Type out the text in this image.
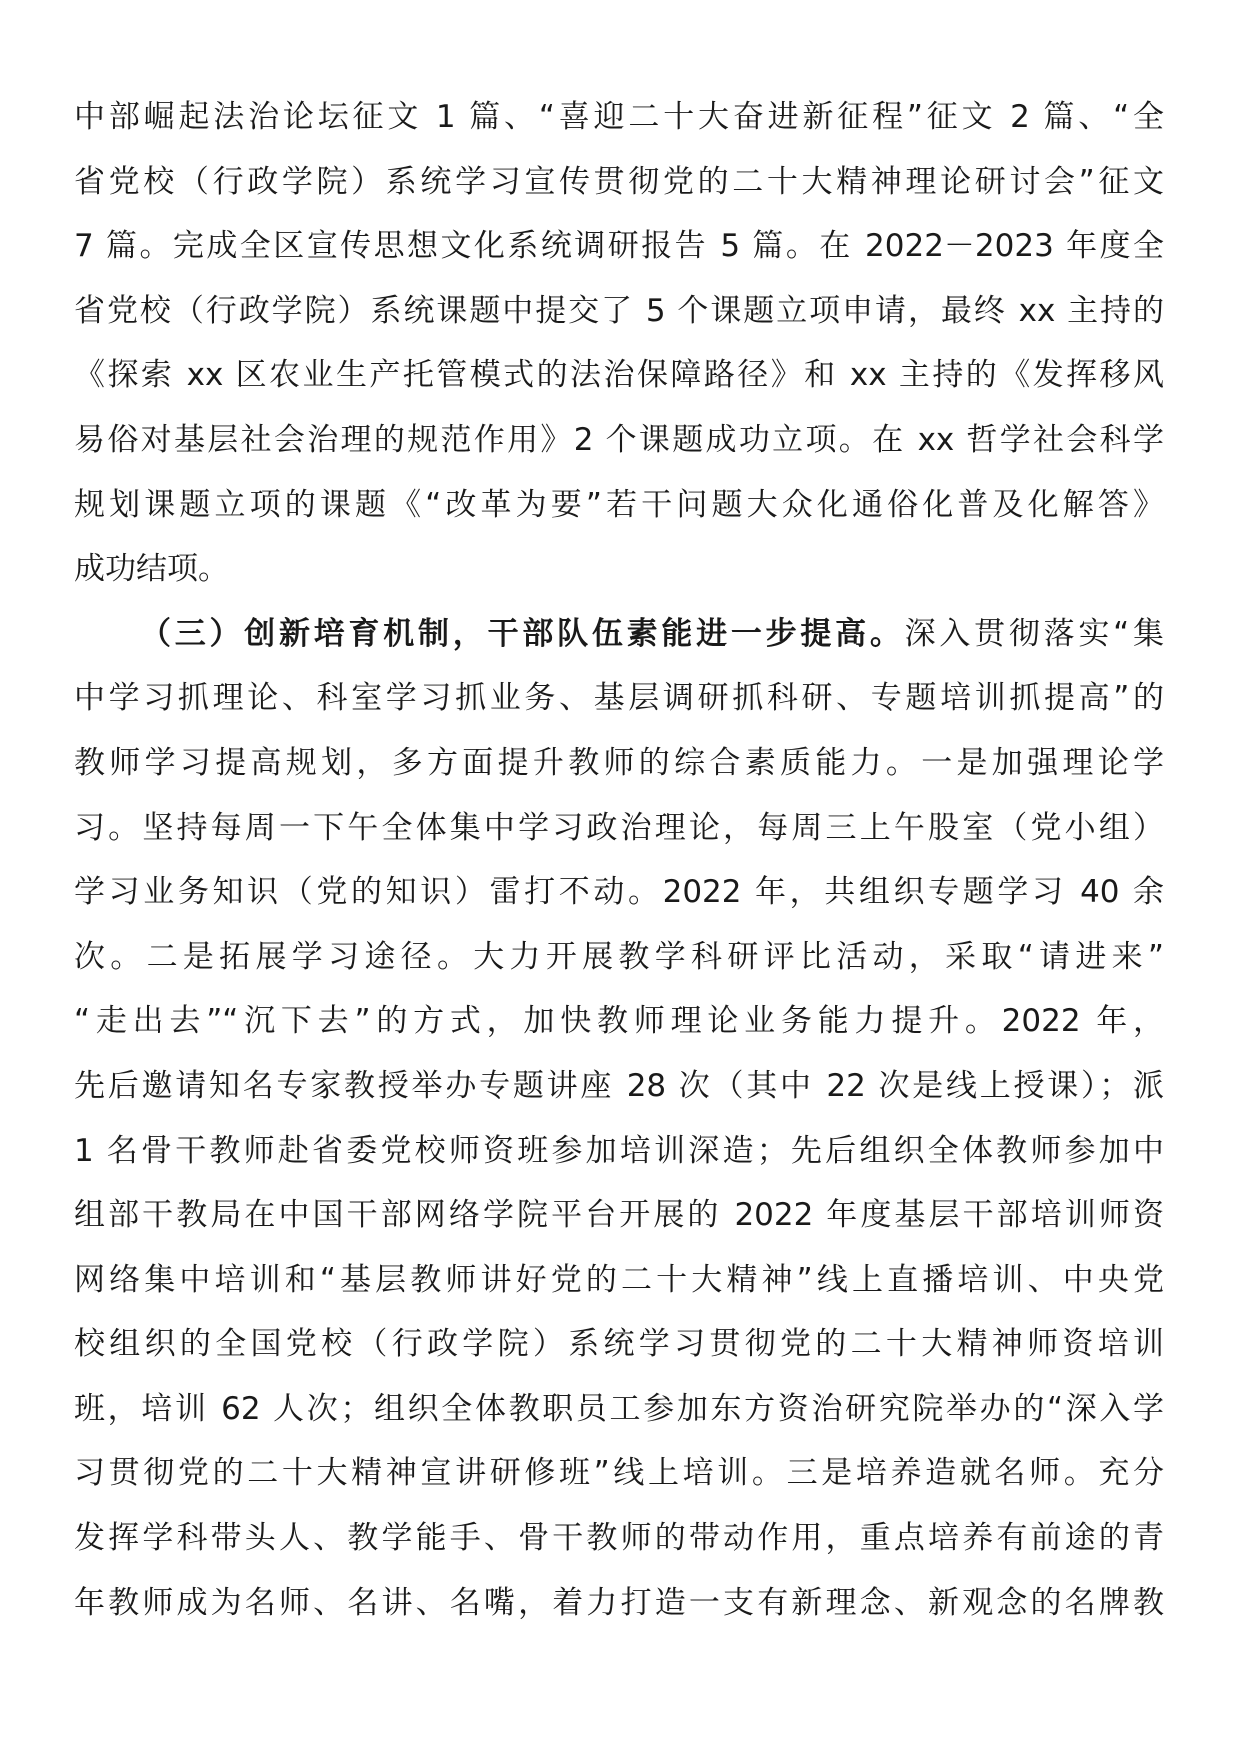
中部崛起法治论坛征文 1 篇、“喜迎二十大奋进新征程”征文 2 篇、“全
省党校（行政学院）系统学习宣传贯彻党的二十大精神理论研讨会”征文
7 篇。完成全区宣传思想文化系统调研报告 5 篇。在 2022－2023 年度全
省党校（行政学院）系统课题中提交了 5 个课题立项申请，最终 xx 主持的
《探索 xx 区农业生产托管模式的法治保障路径》和 xx 主持的《发挥移风
易俗对基层社会治理的规范作用》2 个课题成功立项。在 xx 哲学社会科学
规划课题立项的课题《“改革为要”若干问题大众化通俗化普及化解答》
成功结项。
（三）创新培育机制，干部队伍素能进一步提高。深入贯彻落实“集
中学习抓理论、科室学习抓业务、基层调研抓科研、专题培训抓提高”的
教师学习提高规划，多方面提升教师的综合素质能力。一是加强理论学
习。坚持每周一下午全体集中学习政治理论，每周三上午股室（党小组）
学习业务知识（党的知识）雷打不动。2022 年，共组织专题学习 40 余
次。二是拓展学习途径。大力开展教学科研评比活动，采取“请进来”
“走出去”“沉下去”的方式，加快教师理论业务能力提升。2022 年，
先后邀请知名专家教授举办专题讲座 28 次（其中 22 次是线上授课）；派
1 名骨干教师赴省委党校师资班参加培训深造；先后组织全体教师参加中
组部干教局在中国干部网络学院平台开展的 2022 年度基层干部培训师资
网络集中培训和“基层教师讲好党的二十大精神”线上直播培训、中央党
校组织的全国党校（行政学院）系统学习贯彻党的二十大精神师资培训
班，培训 62 人次；组织全体教职员工参加东方资治研究院举办的“深入学
习贯彻党的二十大精神宣讲研修班”线上培训。三是培养造就名师。充分
发挥学科带头人、教学能手、骨干教师的带动作用，重点培养有前途的青
年教师成为名师、名讲、名嘴，着力打造一支有新理念、新观念的名牌教
